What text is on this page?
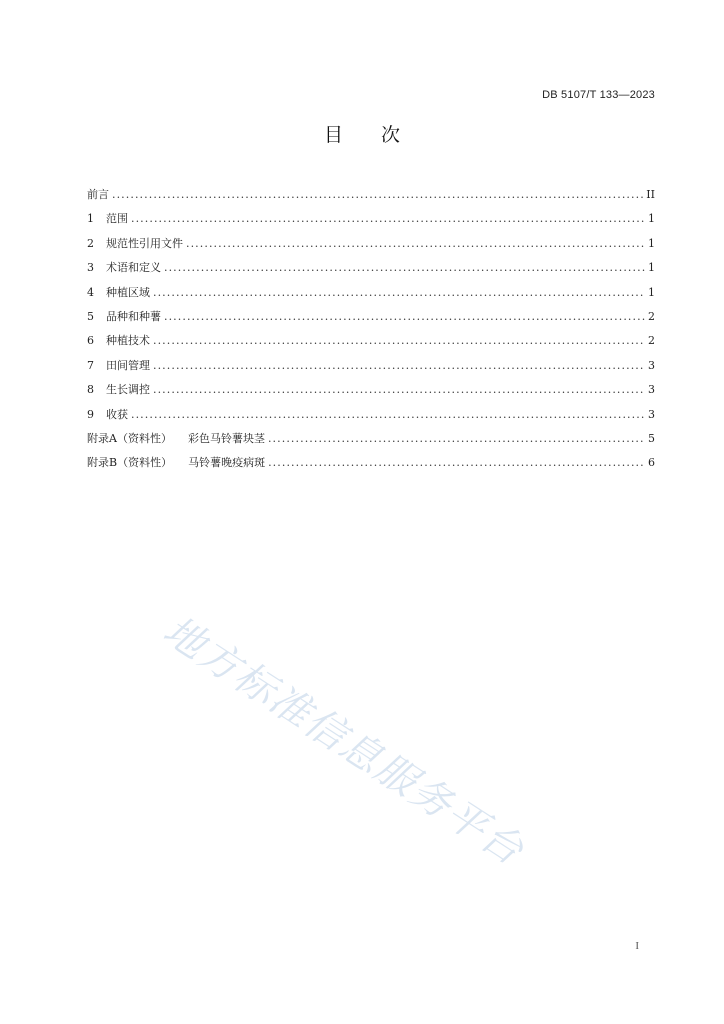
DB 5107/T 133—2023
目次
前言 . . .	II
1	范围 . . .	1
2	规范性引用文件 . . .	1
3	术语和定义 . . .	1
4	种植区域 . . .	1
5	品种和种薯 . . .	2
6	种植技术 . . .	2
7	田间管理 . . .	3
8	生长调控 . . .	3
9	收获 . . .	3
附录A（资料性） 彩色马铃薯块茎 . . .	5
附录B（资料性） 马铃薯晚疫病斑 . . .	6
地方标准信息服务平台
I
